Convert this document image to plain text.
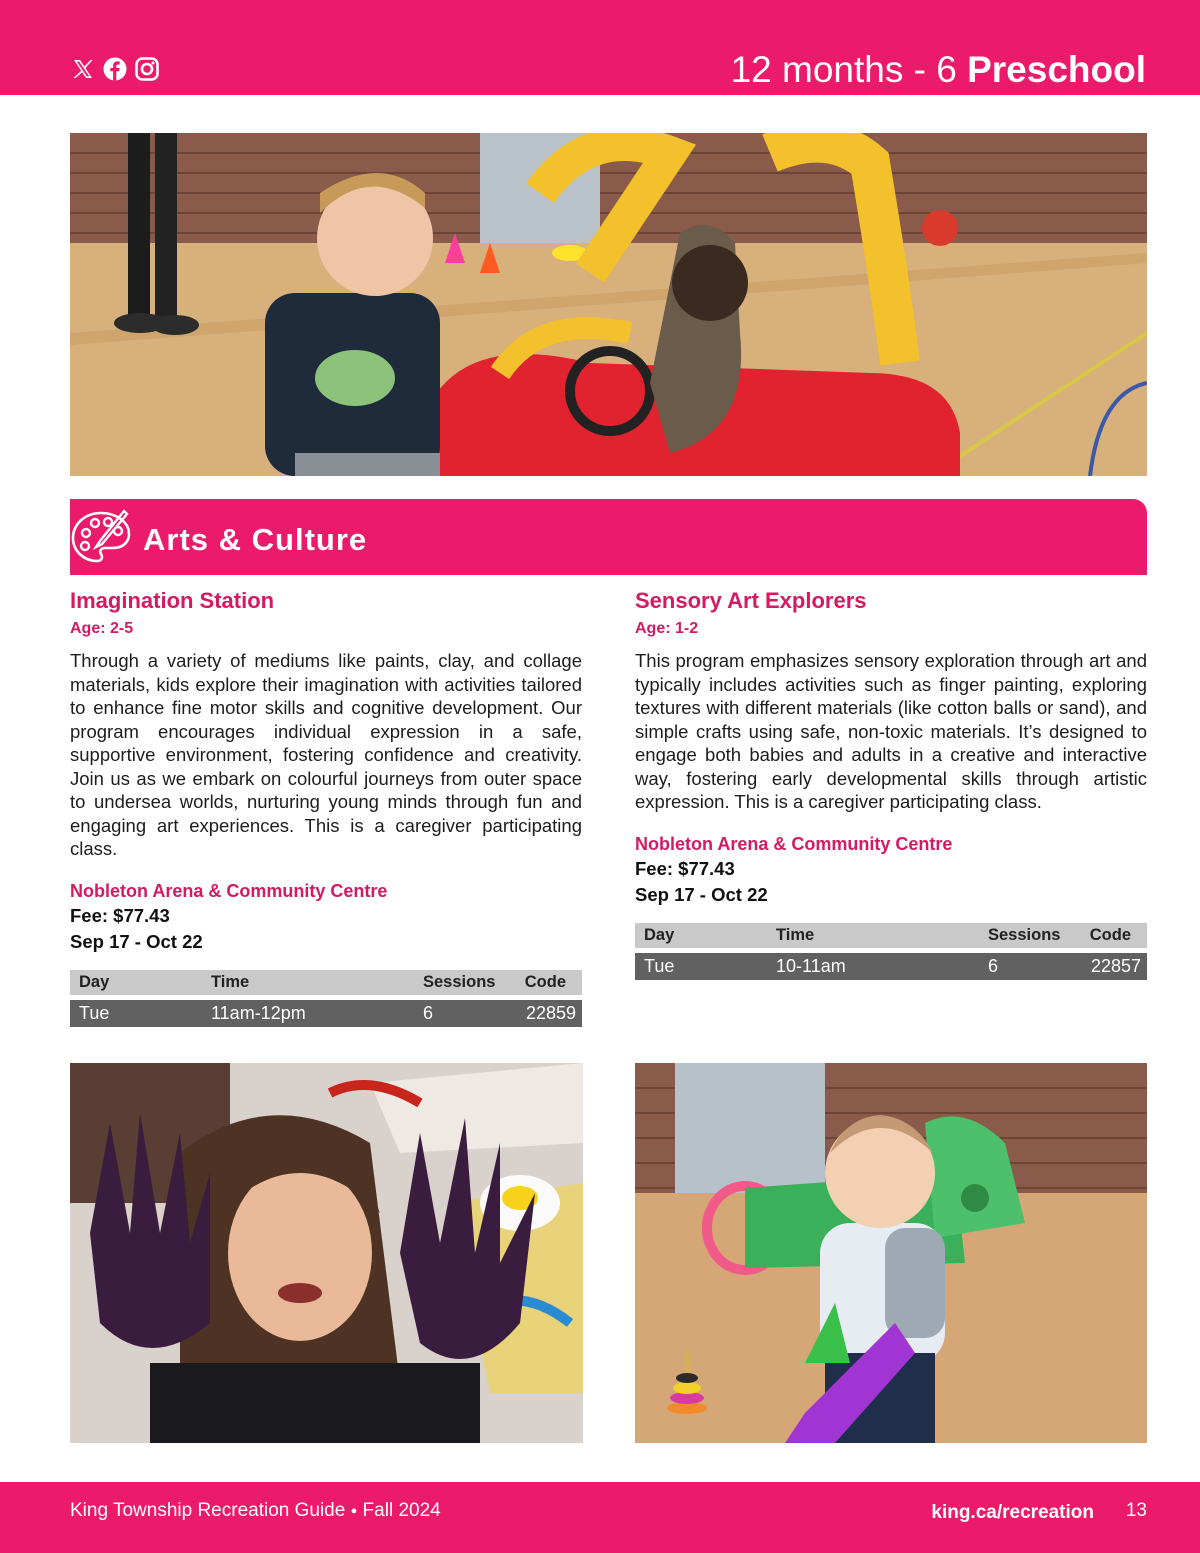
12 months - 6 Preschool
Arts & Culture
Imagination Station
Age: 2-5
Through a variety of mediums like paints, clay, and collage materials, kids explore their imagination with activities tailored to enhance fine motor skills and cognitive development. Our program encourages individual expression in a safe, supportive environment, fostering confidence and creativity. Join us as we embark on colourful journeys from outer space to undersea worlds, nurturing young minds through fun and engaging art experiences. This is a caregiver participating class.
Nobleton Arena & Community Centre
Fee: $77.43
Sep 17 - Oct 22
Day	Time	Sessions	Code
Tue	11am-12pm	6	22859
Sensory Art Explorers
Age: 1-2
This program emphasizes sensory exploration through art and typically includes activities such as finger painting, exploring textures with different materials (like cotton balls or sand), and simple crafts using safe, non-toxic materials. It’s designed to engage both babies and adults in a creative and interactive way, fostering early developmental skills through artistic expression. This is a caregiver participating class.
Nobleton Arena & Community Centre
Fee: $77.43
Sep 17 - Oct 22
Day	Time	Sessions	Code
Tue	10-11am	6	22857
King Township Recreation Guide ● Fall 2024	king.ca/recreation 13
